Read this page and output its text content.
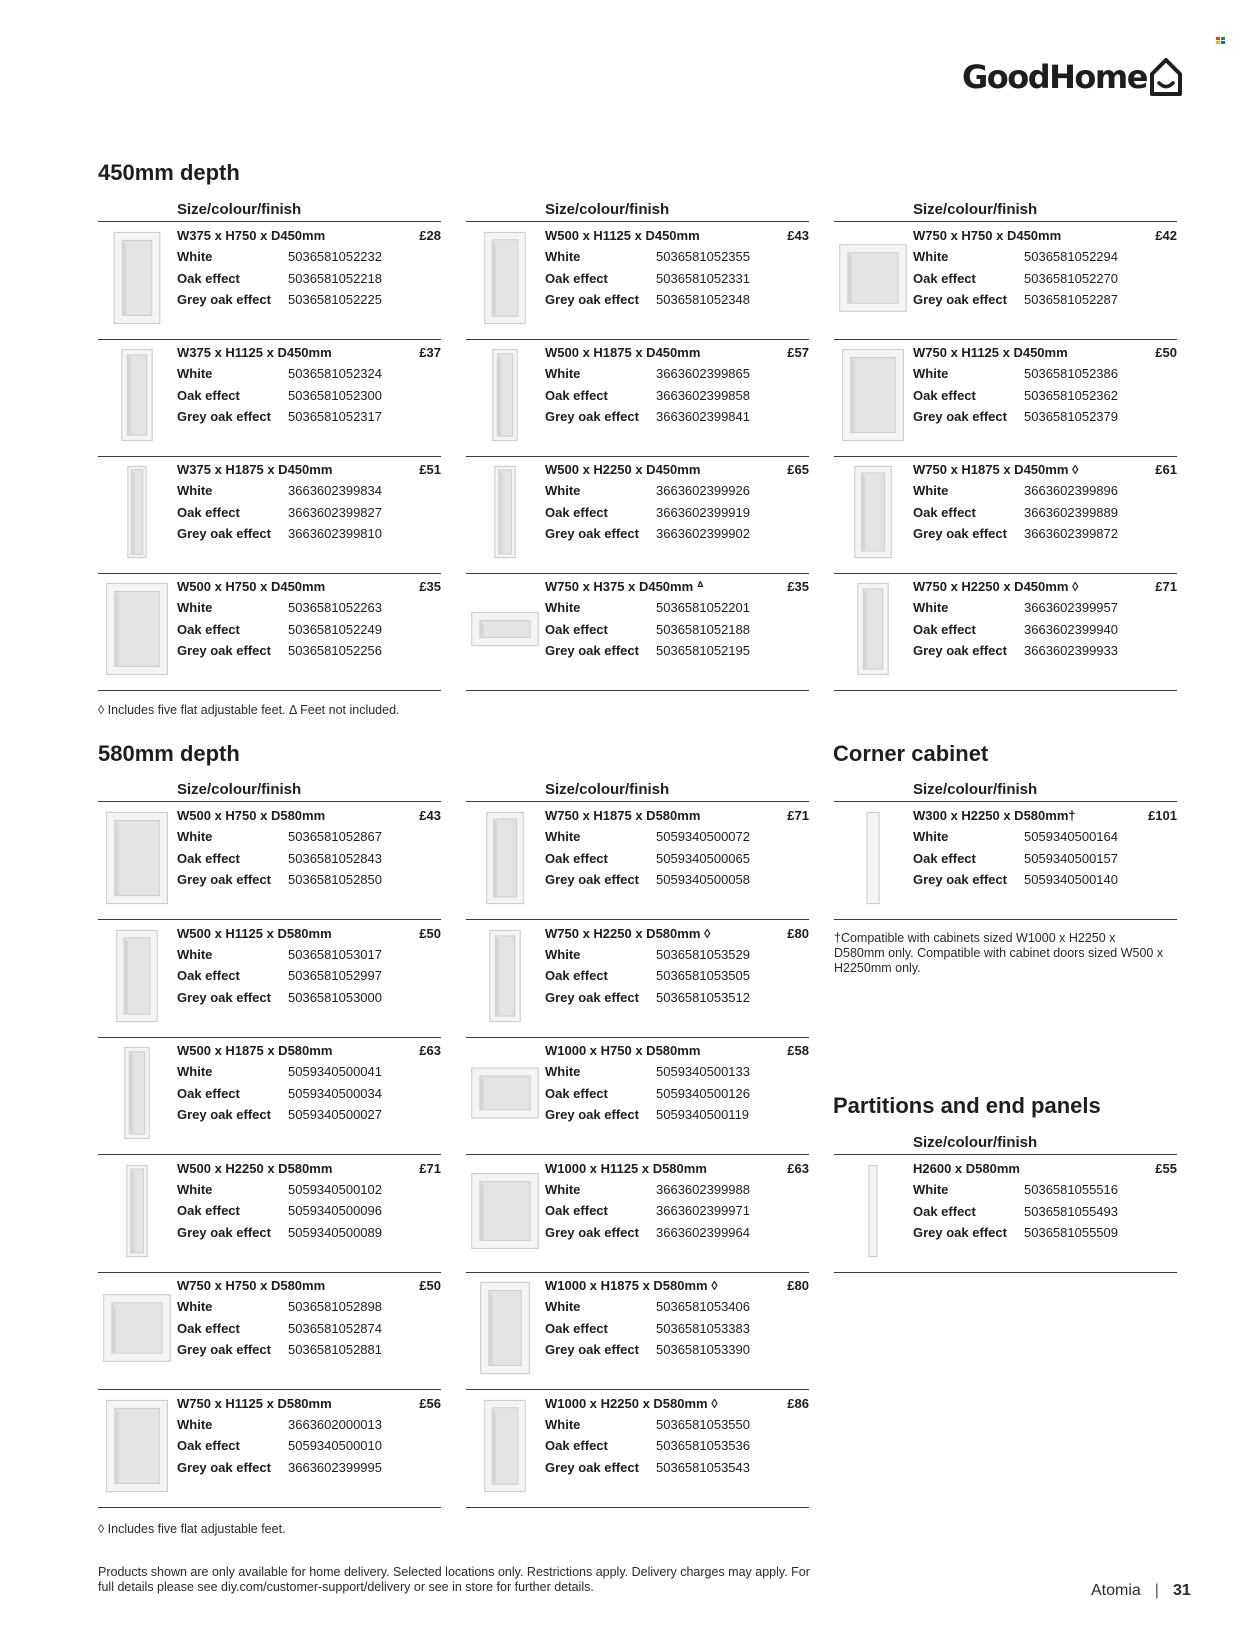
GoodHome
450mm depth
580mm depth	Corner cabinet
Partitions and end panels
Size/colour/finish	Size/colour/finish	Size/colour/finish
Size/colour/finish	Size/colour/finish	Size/colour/finish
Size/colour/finish
W375 x H750 x D450mm	£28
White	5036581052232
Oak effect	5036581052218
Grey oak effect	5036581052225
W375 x H1125 x D450mm	£37
White	5036581052324
Oak effect	5036581052300
Grey oak effect	5036581052317
W375 x H1875 x D450mm	£51
White	3663602399834
Oak effect	3663602399827
Grey oak effect	3663602399810
W500 x H750 x D450mm	£35
White	5036581052263
Oak effect	5036581052249
Grey oak effect	5036581052256
W500 x H1125 x D450mm	£43
White	5036581052355
Oak effect	5036581052331
Grey oak effect	5036581052348
W500 x H1875 x D450mm	£57
White	3663602399865
Oak effect	3663602399858
Grey oak effect	3663602399841
W500 x H2250 x D450mm	£65
White	3663602399926
Oak effect	3663602399919
Grey oak effect	3663602399902
W750 x H375 x D450mm ᐞ	£35
White	5036581052201
Oak effect	5036581052188
Grey oak effect	5036581052195
W750 x H750 x D450mm	£42
White	5036581052294
Oak effect	5036581052270
Grey oak effect	5036581052287
W750 x H1125 x D450mm	£50
White	5036581052386
Oak effect	5036581052362
Grey oak effect	5036581052379
W750 x H1875 x D450mm ◊	£61
White	3663602399896
Oak effect	3663602399889
Grey oak effect	3663602399872
W750 x H2250 x D450mm ◊	£71
White	3663602399957
Oak effect	3663602399940
Grey oak effect	3663602399933
W500 x H750 x D580mm	£43
White	5036581052867
Oak effect	5036581052843
Grey oak effect	5036581052850
W500 x H1125 x D580mm	£50
White	5036581053017
Oak effect	5036581052997
Grey oak effect	5036581053000
W500 x H1875 x D580mm	£63
White	5059340500041
Oak effect	5059340500034
Grey oak effect	5059340500027
W500 x H2250 x D580mm	£71
White	5059340500102
Oak effect	5059340500096
Grey oak effect	5059340500089
W750 x H750 x D580mm	£50
White	5036581052898
Oak effect	5036581052874
Grey oak effect	5036581052881
W750 x H1125 x D580mm	£56
White	3663602000013
Oak effect	5059340500010
Grey oak effect	3663602399995
W750 x H1875 x D580mm	£71
White	5059340500072
Oak effect	5059340500065
Grey oak effect	5059340500058
W750 x H2250 x D580mm ◊	£80
White	5036581053529
Oak effect	5036581053505
Grey oak effect	5036581053512
W1000 x H750 x D580mm	£58
White	5059340500133
Oak effect	5059340500126
Grey oak effect	5059340500119
W1000 x H1125 x D580mm	£63
White	3663602399988
Oak effect	3663602399971
Grey oak effect	3663602399964
W1000 x H1875 x D580mm ◊	£80
White	5036581053406
Oak effect	5036581053383
Grey oak effect	5036581053390
W1000 x H2250 x D580mm ◊	£86
White	5036581053550
Oak effect	5036581053536
Grey oak effect	5036581053543
W300 x H2250 x D580mm†	£101
White	5059340500164
Oak effect	5059340500157
Grey oak effect	5059340500140
H2600 x D580mm	£55
White	5036581055516
Oak effect	5036581055493
Grey oak effect	5036581055509
◊ Includes five flat adjustable feet. Δ Feet not included.
◊ Includes five flat adjustable feet.
†Compatible with cabinets sized W1000 x H2250 x D580mm only. Compatible with cabinet doors sized W500 x H2250mm only.
Products shown are only available for home delivery. Selected locations only. Restrictions apply. Delivery charges may apply. For full details please see diy.com/customer-support/delivery or see in store for further details.	Atomia | 31
